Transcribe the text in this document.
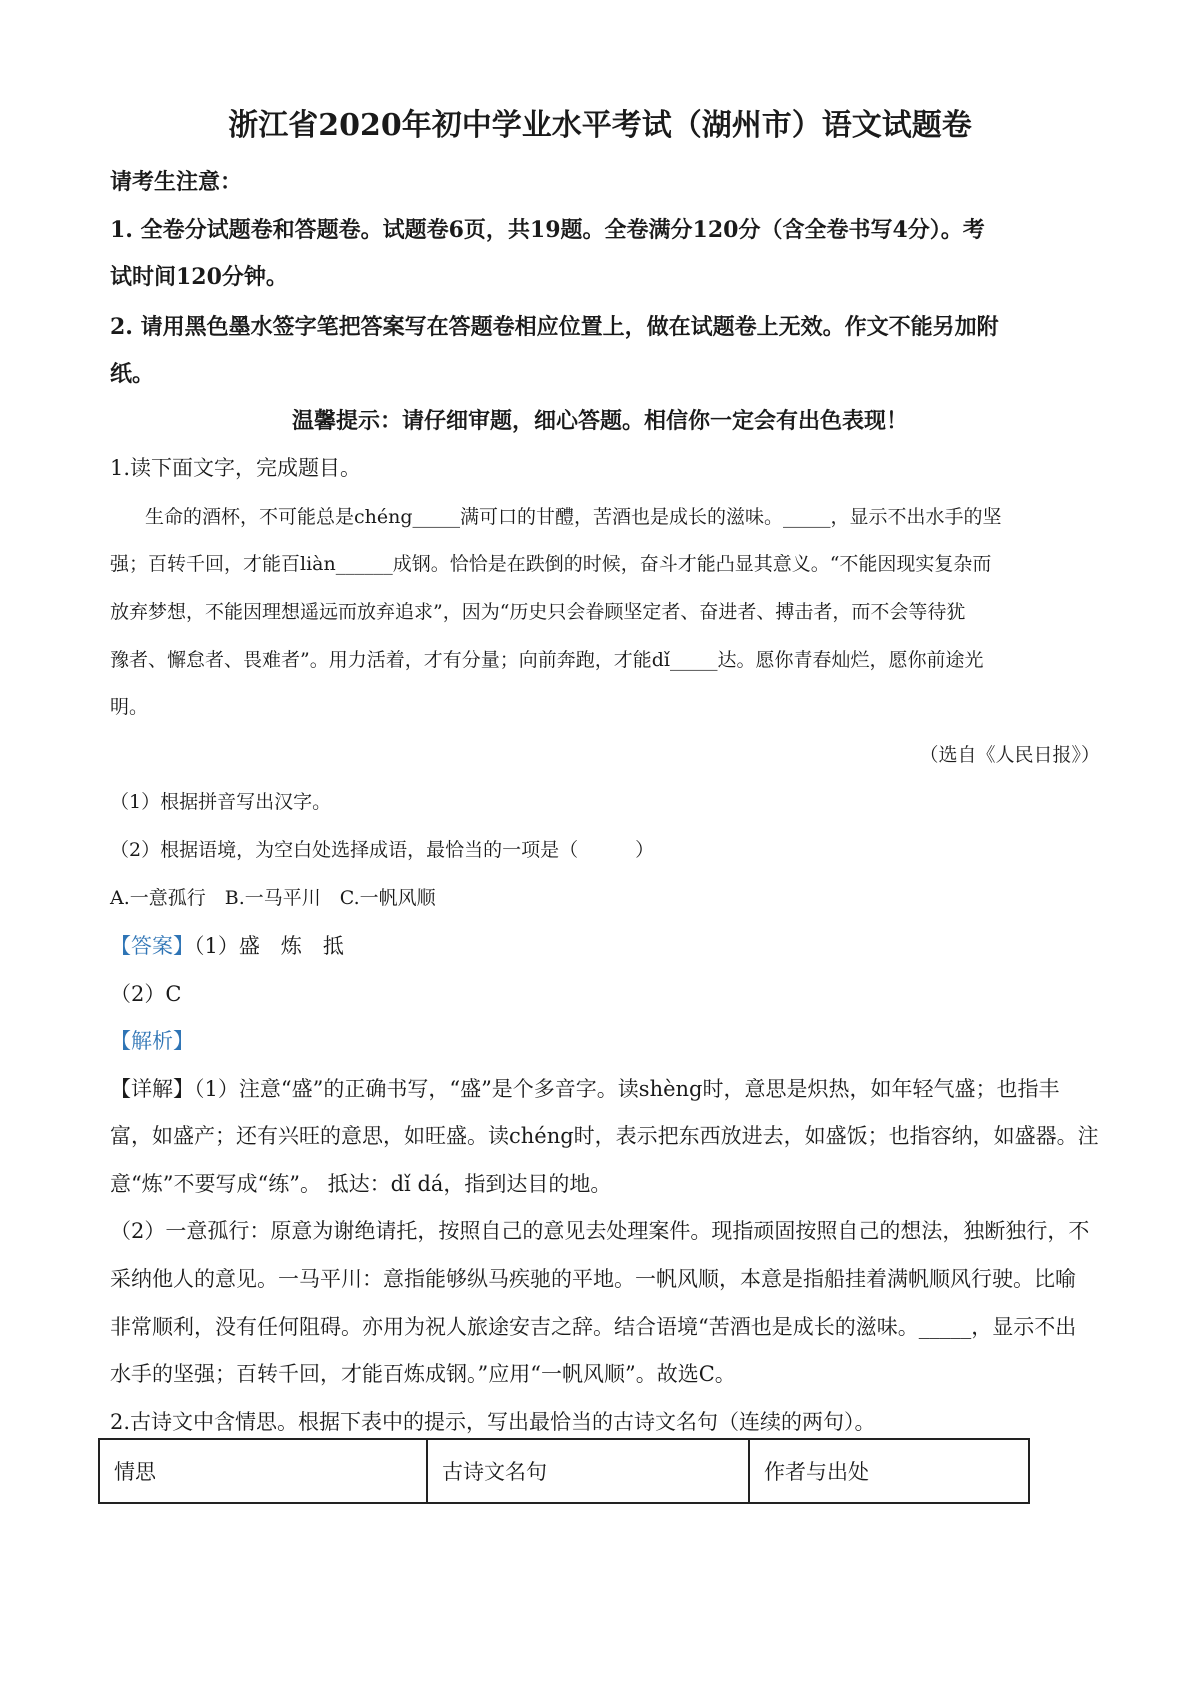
浙江省2020年初中学业水平考试（湖州市）语文试题卷

请考生注意：

1. 全卷分试题卷和答题卷。试题卷6页，共19题。全卷满分120分（含全卷书写4分）。考

试时间120分钟。

2. 请用黑色墨水签字笔把答案写在答题卷相应位置上，做在试题卷上无效。作文不能另加附

纸。

温馨提示：请仔细审题，细心答题。相信你一定会有出色表现！

1.读下面文字，完成题目。

生命的酒杯，不可能总是chéng_____满可口的甘醴，苦酒也是成长的滋味。_____，显示不出水手的坚

强；百转千回，才能百liàn______成钢。恰恰是在跌倒的时候，奋斗才能凸显其意义。“不能因现实复杂而

放弃梦想，不能因理想遥远而放弃追求”，因为“历史只会眷顾坚定者、奋进者、搏击者，而不会等待犹

豫者、懈怠者、畏难者”。用力活着，才有分量；向前奔跑，才能dǐ_____达。愿你青春灿烂，愿你前途光

明。

（选自《人民日报》）

（1）根据拼音写出汉字。

（2）根据语境，为空白处选择成语，最恰当的一项是（　　　）

A.一意孤行　B.一马平川　C.一帆风顺

【答案】（1）盛　炼　抵

（2）C

【解析】

【详解】（1）注意“盛”的正确书写，“盛”是个多音字。读shèng时，意思是炽热，如年轻气盛；也指丰

富，如盛产；还有兴旺的意思，如旺盛。读chéng时，表示把东西放进去，如盛饭；也指容纳，如盛器。注

意“炼”不要写成“练”。 抵达：dǐ dá，指到达目的地。

（2）一意孤行：原意为谢绝请托，按照自己的意见去处理案件。现指顽固按照自己的想法，独断独行，不

采纳他人的意见。一马平川：意指能够纵马疾驰的平地。一帆风顺，本意是指船挂着满帆顺风行驶。比喻

非常顺利，没有任何阻碍。亦用为祝人旅途安吉之辞。结合语境“苦酒也是成长的滋味。_____，显示不出

水手的坚强；百转千回，才能百炼成钢。”应用“一帆风顺”。故选C。

2.古诗文中含情思。根据下表中的提示，写出最恰当的古诗文名句（连续的两句）。

情思	古诗文名句	作者与出处
